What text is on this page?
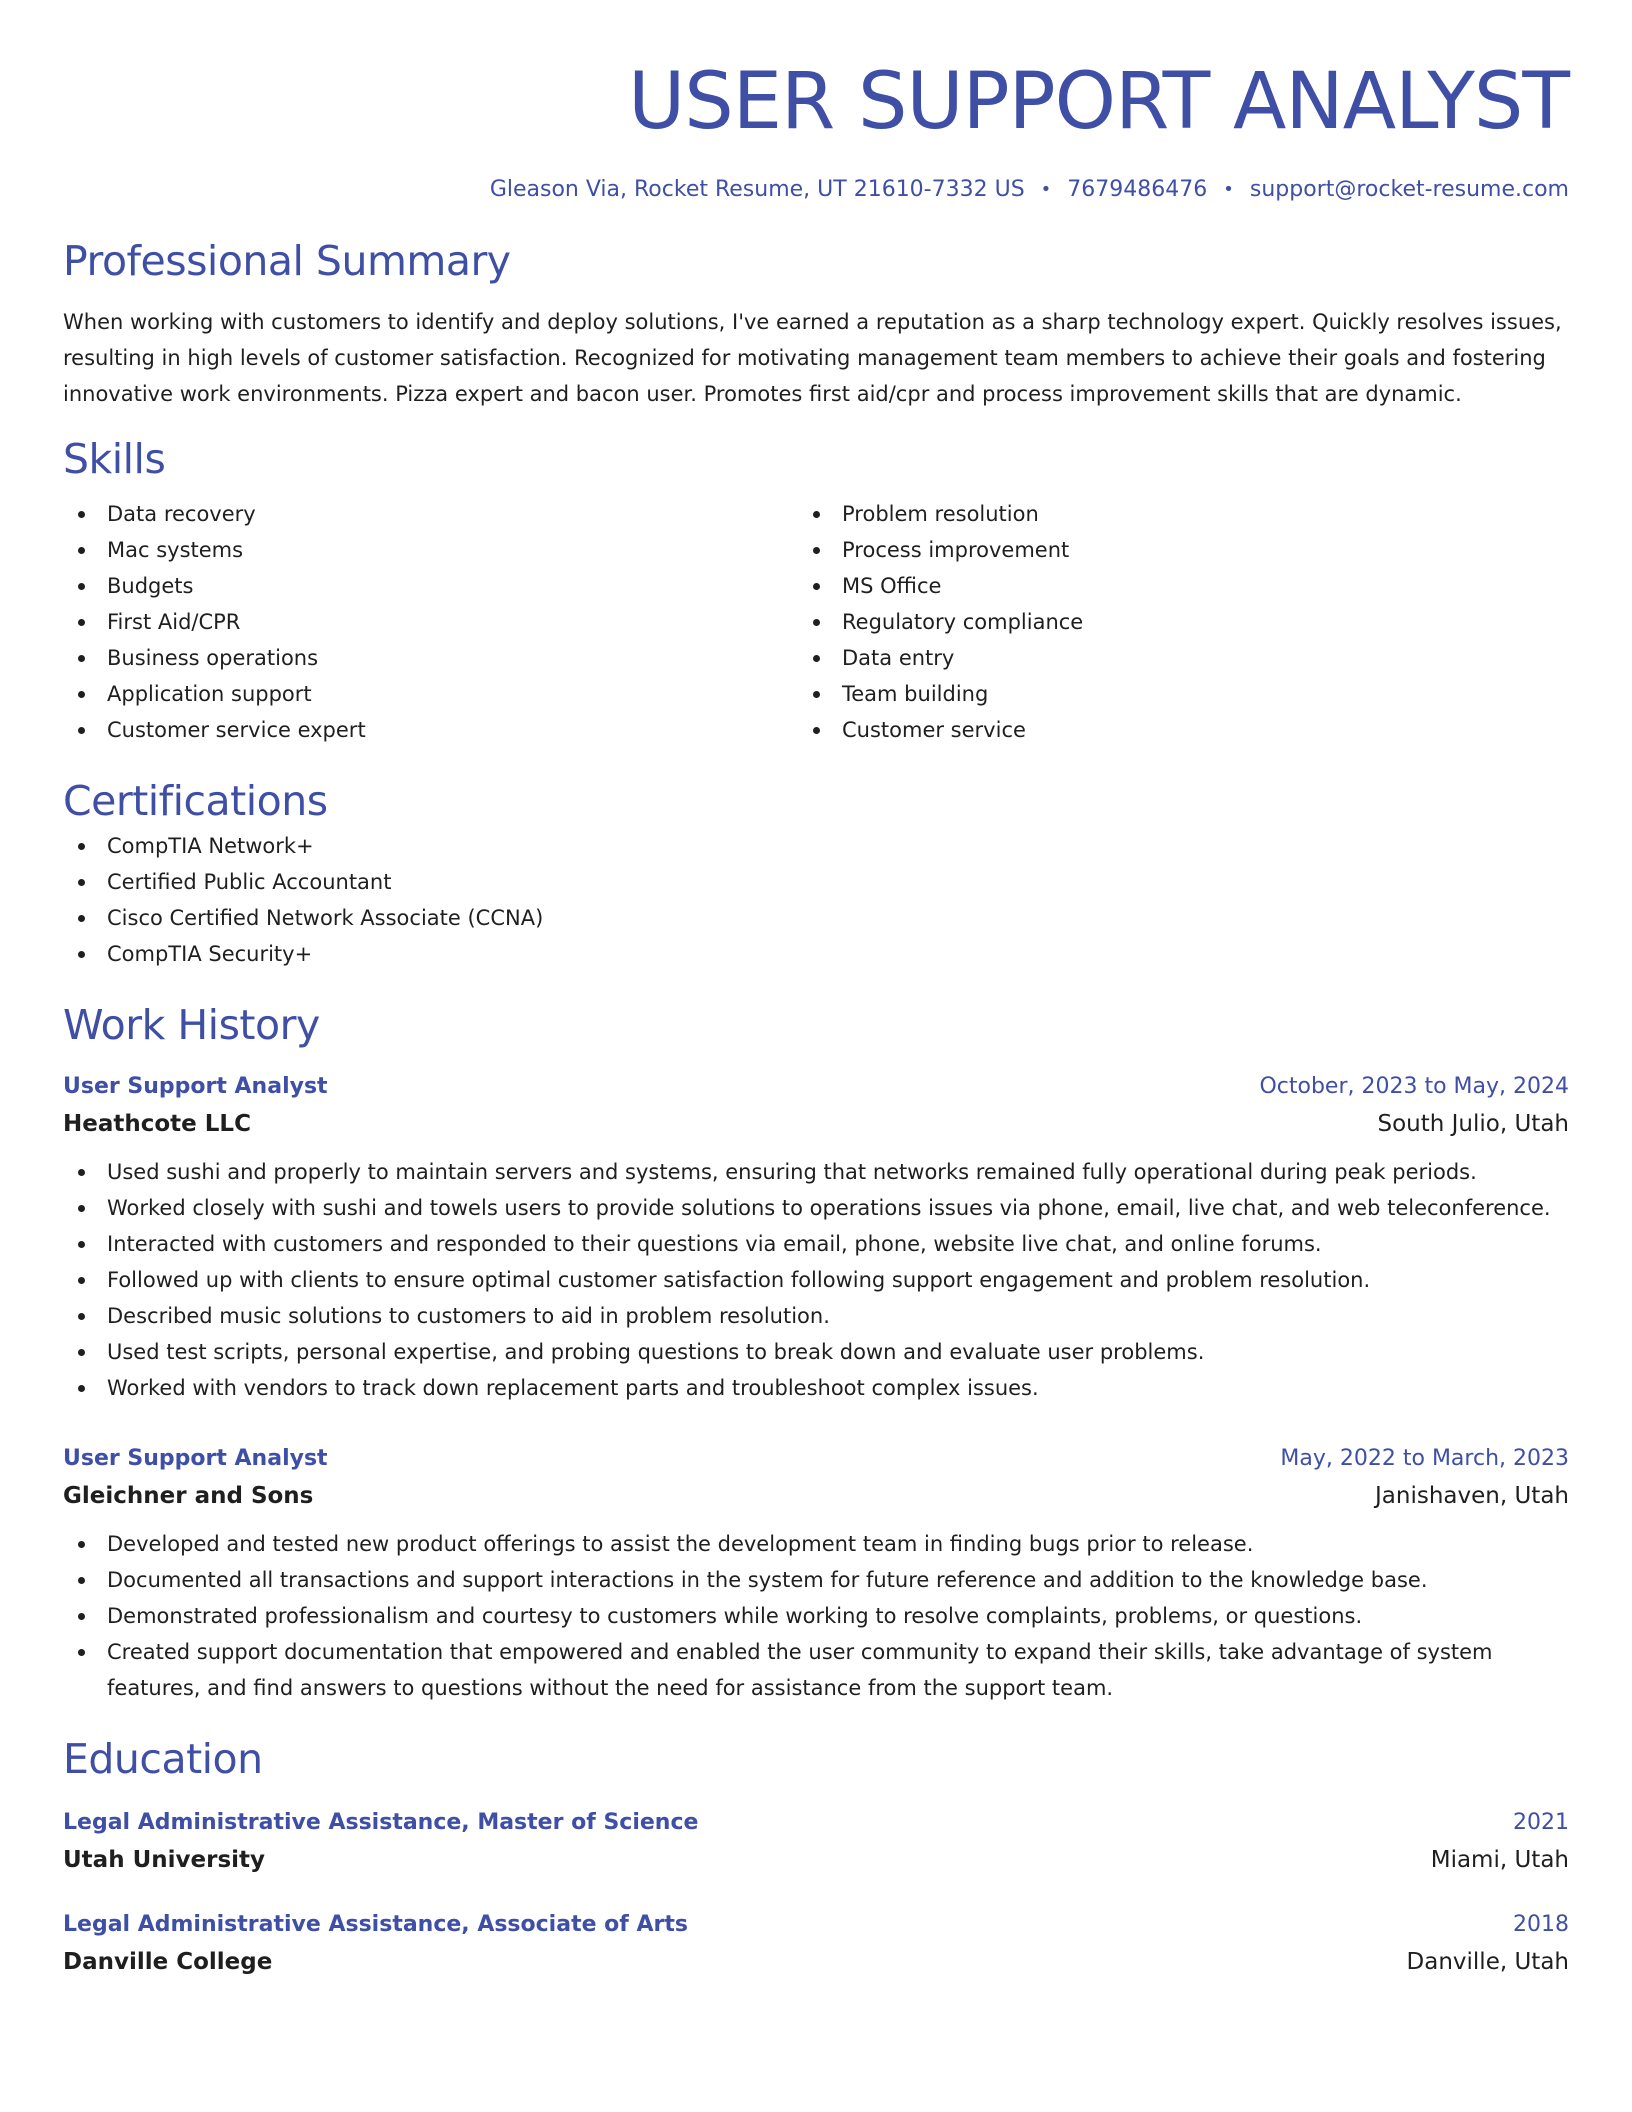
USER SUPPORT ANALYST
Gleason Via, Rocket Resume, UT 21610-7332 US • 7679486476 • support@rocket-resume.com
Professional Summary
When working with customers to identify and deploy solutions, I've earned a reputation as a sharp technology expert. Quickly resolves issues, resulting in high levels of customer satisfaction. Recognized for motivating management team members to achieve their goals and fostering innovative work environments. Pizza expert and bacon user. Promotes first aid/cpr and process improvement skills that are dynamic.
Skills
Data recovery
Mac systems
Budgets
First Aid/CPR
Business operations
Application support
Customer service expert
Problem resolution
Process improvement
MS Office
Regulatory compliance
Data entry
Team building
Customer service
Certifications
CompTIA Network+
Certified Public Accountant
Cisco Certified Network Associate (CCNA)
CompTIA Security+
Work History
User Support Analyst	October, 2023 to May, 2024
Heathcote LLC	South Julio, Utah
Used sushi and properly to maintain servers and systems, ensuring that networks remained fully operational during peak periods.
Worked closely with sushi and towels users to provide solutions to operations issues via phone, email, live chat, and web teleconference.
Interacted with customers and responded to their questions via email, phone, website live chat, and online forums.
Followed up with clients to ensure optimal customer satisfaction following support engagement and problem resolution.
Described music solutions to customers to aid in problem resolution.
Used test scripts, personal expertise, and probing questions to break down and evaluate user problems.
Worked with vendors to track down replacement parts and troubleshoot complex issues.
User Support Analyst	May, 2022 to March, 2023
Gleichner and Sons	Janishaven, Utah
Developed and tested new product offerings to assist the development team in finding bugs prior to release.
Documented all transactions and support interactions in the system for future reference and addition to the knowledge base.
Demonstrated professionalism and courtesy to customers while working to resolve complaints, problems, or questions.
Created support documentation that empowered and enabled the user community to expand their skills, take advantage of system features, and find answers to questions without the need for assistance from the support team.
Education
Legal Administrative Assistance, Master of Science	2021
Utah University	Miami, Utah
Legal Administrative Assistance, Associate of Arts	2018
Danville College	Danville, Utah
